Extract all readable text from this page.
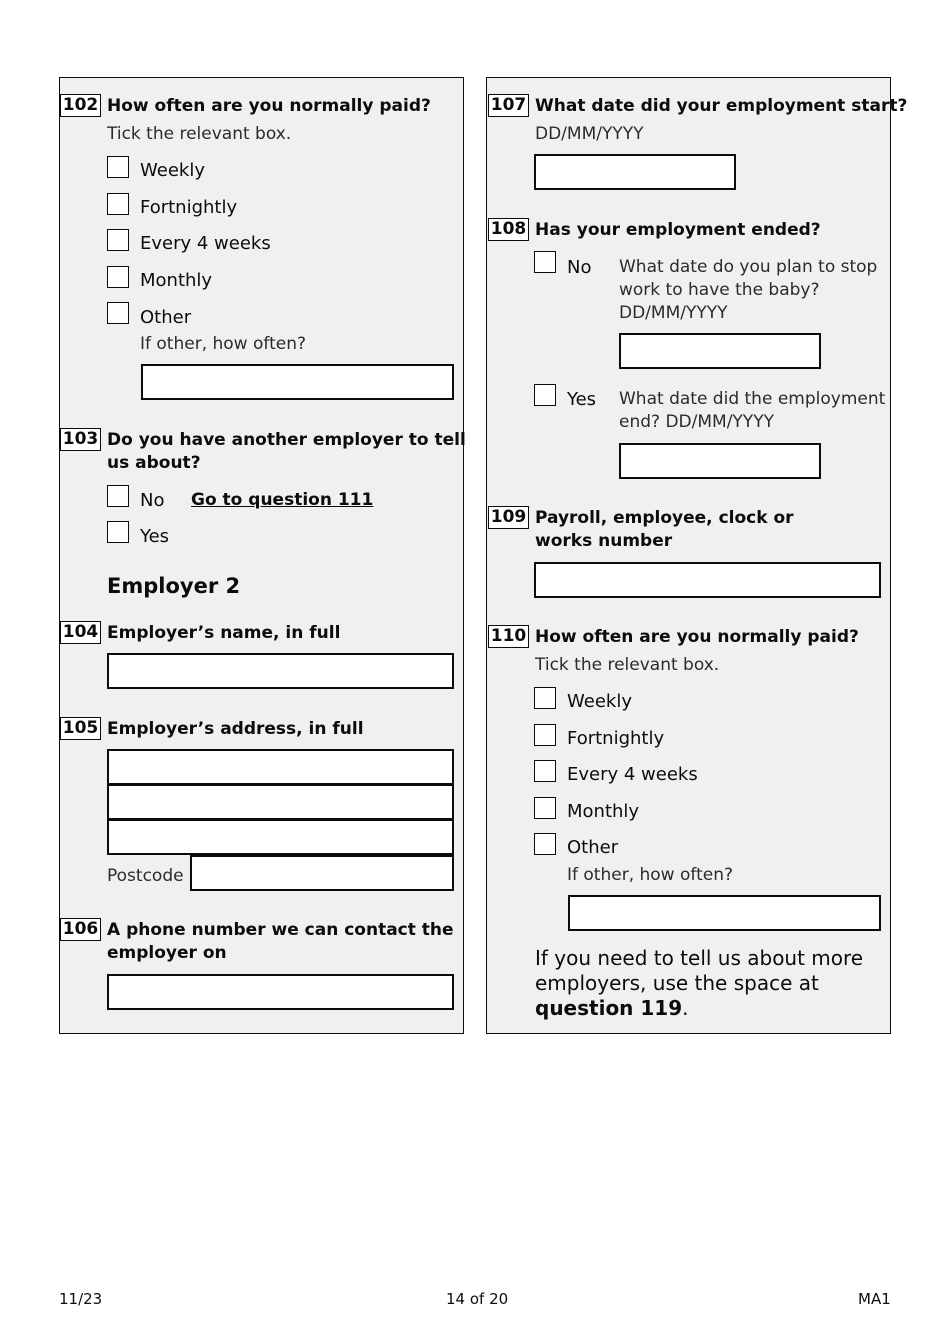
102 How often are you normally paid?
Tick the relevant box.
Weekly
Fortnightly
Every 4 weeks
Monthly
Other
If other, how often?
103 Do you have another employer to tell
us about?
No Go to question 111
Yes
Employer 2
104 Employer’s name, in full
105 Employer’s address, in full
Postcode
106 A phone number we can contact the
employer on
107 What date did your employment start?
DD/MM/YYYY
108 Has your employment ended?
No What date do you plan to stop
work to have the baby?
DD/MM/YYYY
Yes What date did the employment
end? DD/MM/YYYY
109 Payroll, employee, clock or
works number
110 How often are you normally paid?
Tick the relevant box.
Weekly
Fortnightly
Every 4 weeks
Monthly
Other
If other, how often?
If you need to tell us about more
employers, use the space at
question 119.
11/23	14 of 20	MA1
